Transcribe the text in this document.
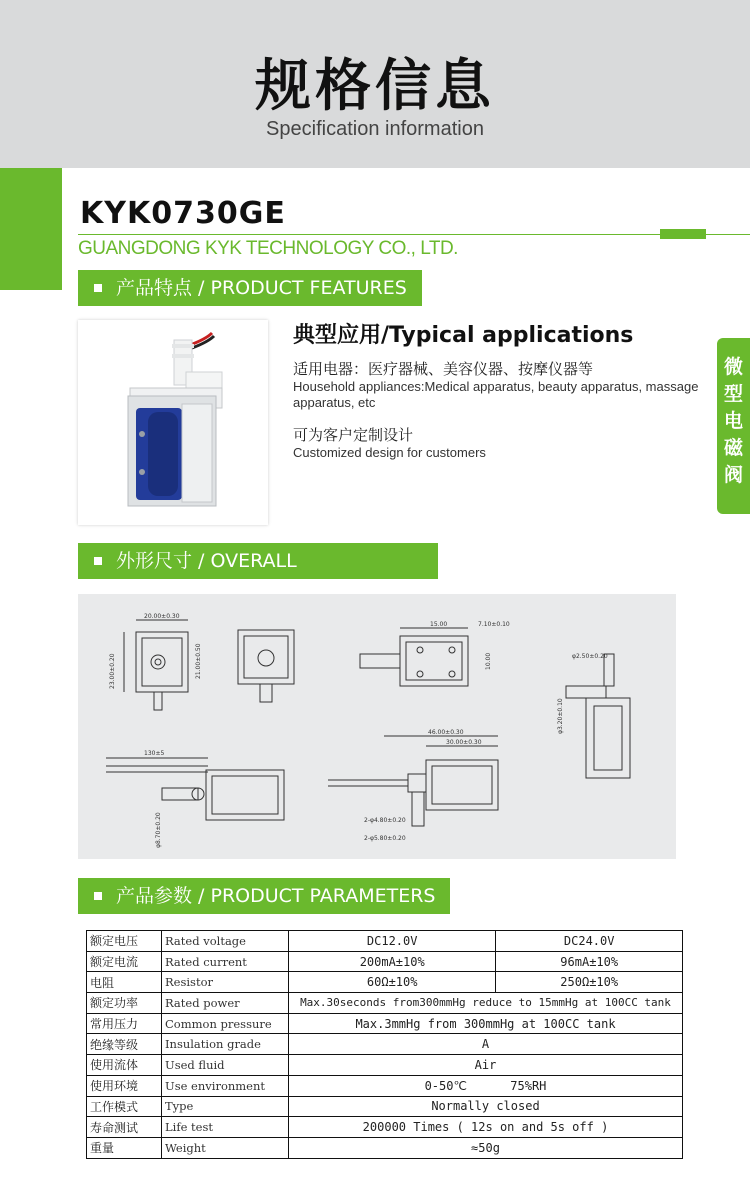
规格信息
Specification information
KYK0730GE
GUANGDONG KYK TECHNOLOGY CO., LTD.
产品特点 / PRODUCT FEATURES
典型应用/Typical applications
适用电器：医疗器械、美容仪器、按摩仪器等
Household appliances:Medical apparatus, beauty apparatus, massage apparatus, etc
可为客户定制设计
Customized design for customers
微
型
电
磁
阀
外形尺寸 / OVERALL
20.00±0.30
23.00±0.20	21.00±0.50
15.00	7.10±0.10
10.00	φ2.50±0.20
φ3.20±0.10
130±5
φ8.70±0.20
46.00±0.30
30.00±0.30
2-φ4.80±0.20
2-φ5.80±0.20
产品参数 / PRODUCT PARAMETERS
额定电压	Rated voltage	DC12.0V	DC24.0V
额定电流	Rated current	200mA±10%	96mA±10%
电阻	Resistor	60Ω±10%	250Ω±10%
额定功率	Rated power	Max.30seconds from300mmHg reduce to 15mmHg at 100CC tank	
常用压力	Common pressure	Max.3mmHg from 300mmHg at 100CC tank	
绝缘等级	Insulation grade	A	
使用流体	Used fluid	Air	
使用环境	Use environment	0-50℃      75%RH	
工作模式	Type	Normally closed	
寿命测试	Life test	200000 Times ( 12s on and 5s off )	
重量	Weight	≈50g	
